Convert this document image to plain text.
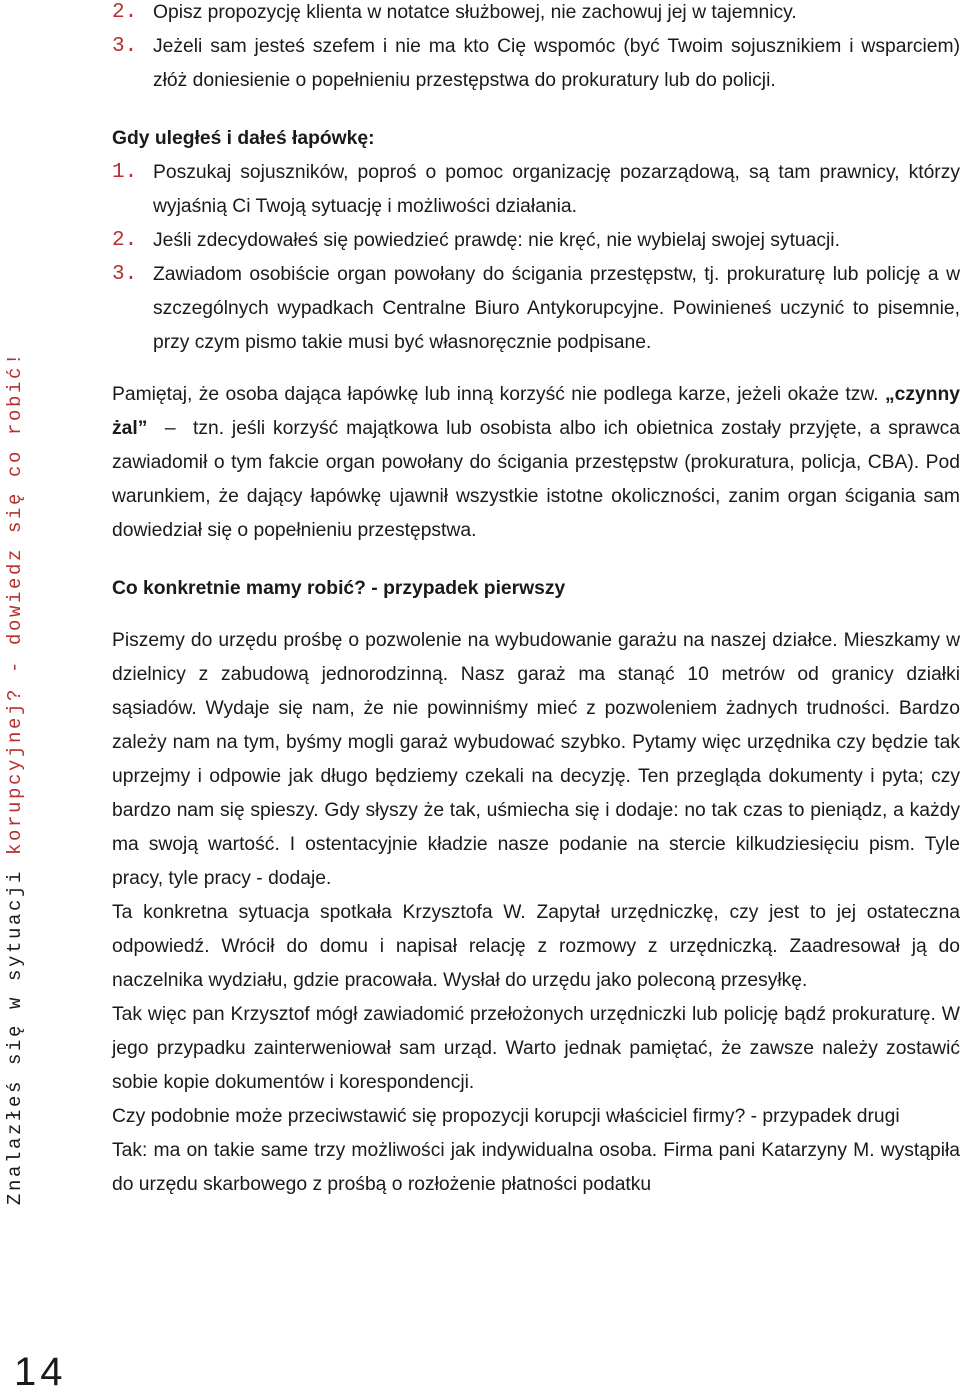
Znalazłeś się w sytuacji korupcyjnej? - dowiedz się co robić!
14
2. Opisz propozycję klienta w notatce służbowej, nie zachowuj jej w tajemnicy.
3. Jeżeli sam jesteś szefem i nie ma kto Cię wspomóc (być Twoim sojusznikiem i wsparciem) złóż doniesienie o popełnieniu przestępstwa do prokuratury lub do policji.
Gdy uległeś i dałeś łapówkę:
1. Poszukaj sojuszników, poproś o pomoc organizację pozarządową, są tam prawnicy, którzy wyjaśnią Ci Twoją sytuację i możliwości działania.
2. Jeśli zdecydowałeś się powiedzieć prawdę: nie kręć, nie wybielaj swojej sytuacji.
3. Zawiadom osobiście organ powołany do ścigania przestępstw, tj. prokuraturę lub policję a w szczególnych wypadkach Centralne Biuro Antykorupcyjne. Powinieneś uczynić to pisemnie, przy czym pismo takie musi być własnoręcznie podpisane.

Pamiętaj, że osoba dająca łapówkę lub inną korzyść nie podlega karze, jeżeli okaże tzw. „czynny żal” – tzn. jeśli korzyść majątkowa lub osobista albo ich obietnica zostały przyjęte, a sprawca zawiadomił o tym fakcie organ powołany do ścigania przestępstw (prokuratura, policja, CBA). Pod warunkiem, że dający łapówkę ujawnił wszystkie istotne okoliczności, zanim organ ścigania sam dowiedział się o popełnieniu przestępstwa.

Co konkretnie mamy robić? - przypadek pierwszy

Piszemy do urzędu prośbę o pozwolenie na wybudowanie garażu na naszej działce. Mieszkamy w dzielnicy z zabudową jednorodzinną. Nasz garaż ma stanąć 10 metrów od granicy działki sąsiadów. Wydaje się nam, że nie powinniśmy mieć z pozwoleniem żadnych trudności. Bardzo zależy nam na tym, byśmy mogli garaż wybudować szybko. Pytamy więc urzędnika czy będzie tak uprzejmy i odpowie jak długo będziemy czekali na decyzję. Ten przegląda dokumenty i pyta; czy bardzo nam się spieszy. Gdy słyszy że tak, uśmiecha się i dodaje: no tak czas to pieniądz, a każdy ma swoją wartość. I ostentacyjnie kładzie nasze podanie na stercie kilkudziesięciu pism. Tyle pracy, tyle pracy - dodaje.

Ta konkretna sytuacja spotkała Krzysztofa W. Zapytał urzędniczkę, czy jest to jej ostateczna odpowiedź. Wrócił do domu i napisał relację z rozmowy z urzędniczką. Zaadresował ją do naczelnika wydziału, gdzie pracowała. Wysłał do urzędu jako poleconą przesyłkę.

Tak więc pan Krzysztof mógł zawiadomić przełożonych urzędniczki lub policję bądź prokuraturę. W jego przypadku zainterweniował sam urząd. Warto jednak pamiętać, że zawsze należy zostawić sobie kopie dokumentów i korespondencji.

Czy podobnie może przeciwstawić się propozycji korupcji właściciel firmy? - przypadek drugi

Tak: ma on takie same trzy możliwości jak indywidualna osoba. Firma pani Katarzyny M. wystąpiła do urzędu skarbowego z prośbą o rozłożenie płatności podatku
